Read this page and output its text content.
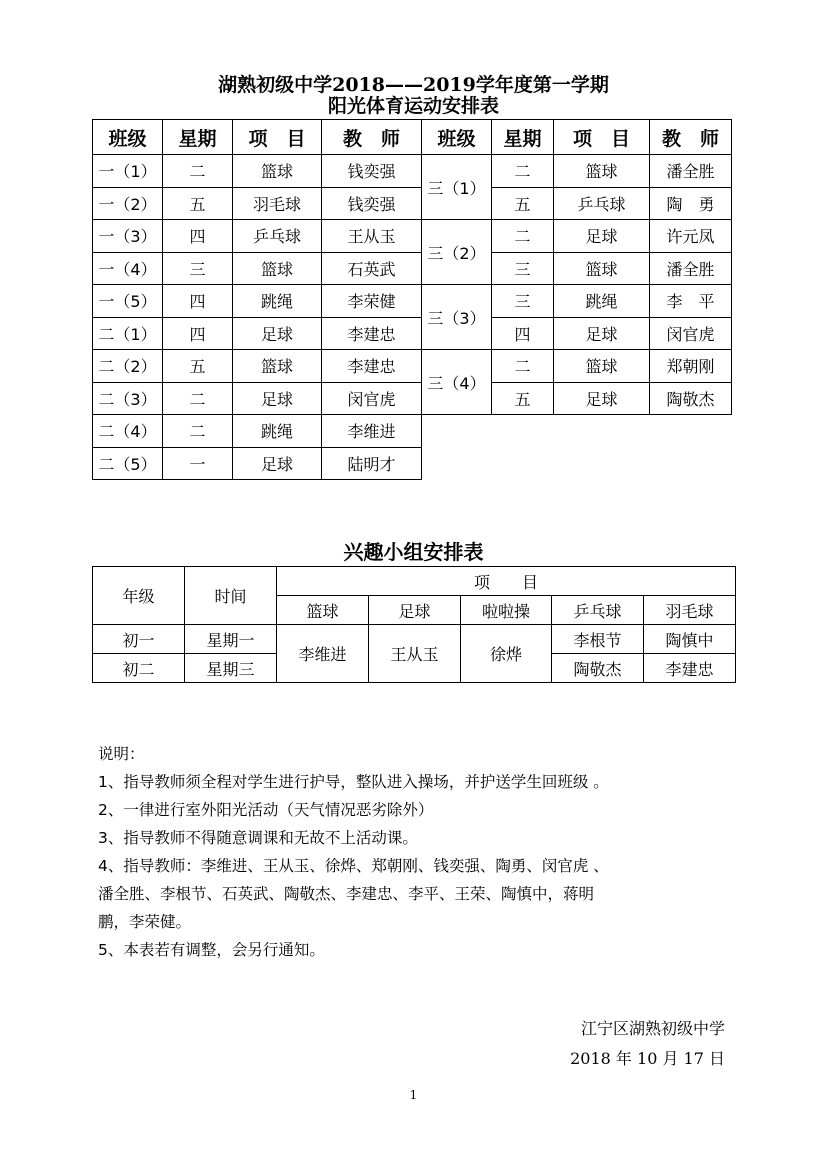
湖熟初级中学2018——2019学年度第一学期
阳光体育运动安排表
班级	星期	项　目	教　师	班级	星期	项　目	教　师
一（1）	二	篮球	钱奕强	三（1）	二	篮球	潘全胜
一（2）	五	羽毛球	钱奕强		五	乒乓球	陶　勇
一（3）	四	乒乓球	王从玉	三（2）	二	足球	许元凤
一（4）	三	篮球	石英武		三	篮球	潘全胜
一（5）	四	跳绳	李荣健	三（3）	三	跳绳	李　平
二（1）	四	足球	李建忠		四	足球	闵官虎
二（2）	五	篮球	李建忠	三（4）	二	篮球	郑朝刚
二（3）	二	足球	闵官虎		五	足球	陶敬杰
二（4）	二	跳绳	李维进				
二（5）	一	足球	陆明才				
兴趣小组安排表
年级	时间	项　　目				
		篮球	足球	啦啦操	乒乓球	羽毛球
初一	星期一	李维进	王从玉	徐烨	李根节	陶慎中
初二	星期三				陶敬杰	李建忠
说明：
1、指导教师须全程对学生进行护导，整队进入操场，并护送学生回班级 。
2、一律进行室外阳光活动（天气情况恶劣除外）
3、指导教师不得随意调课和无故不上活动课。
4、指导教师：李维进、王从玉、徐烨、郑朝刚、钱奕强、陶勇、闵官虎 、
潘全胜、李根节、石英武、陶敬杰、李建忠、李平、王荣、陶慎中，蒋明
鹏，李荣健。
5、本表若有调整，会另行通知。
江宁区湖熟初级中学
2018 年 10 月 17 日
1
